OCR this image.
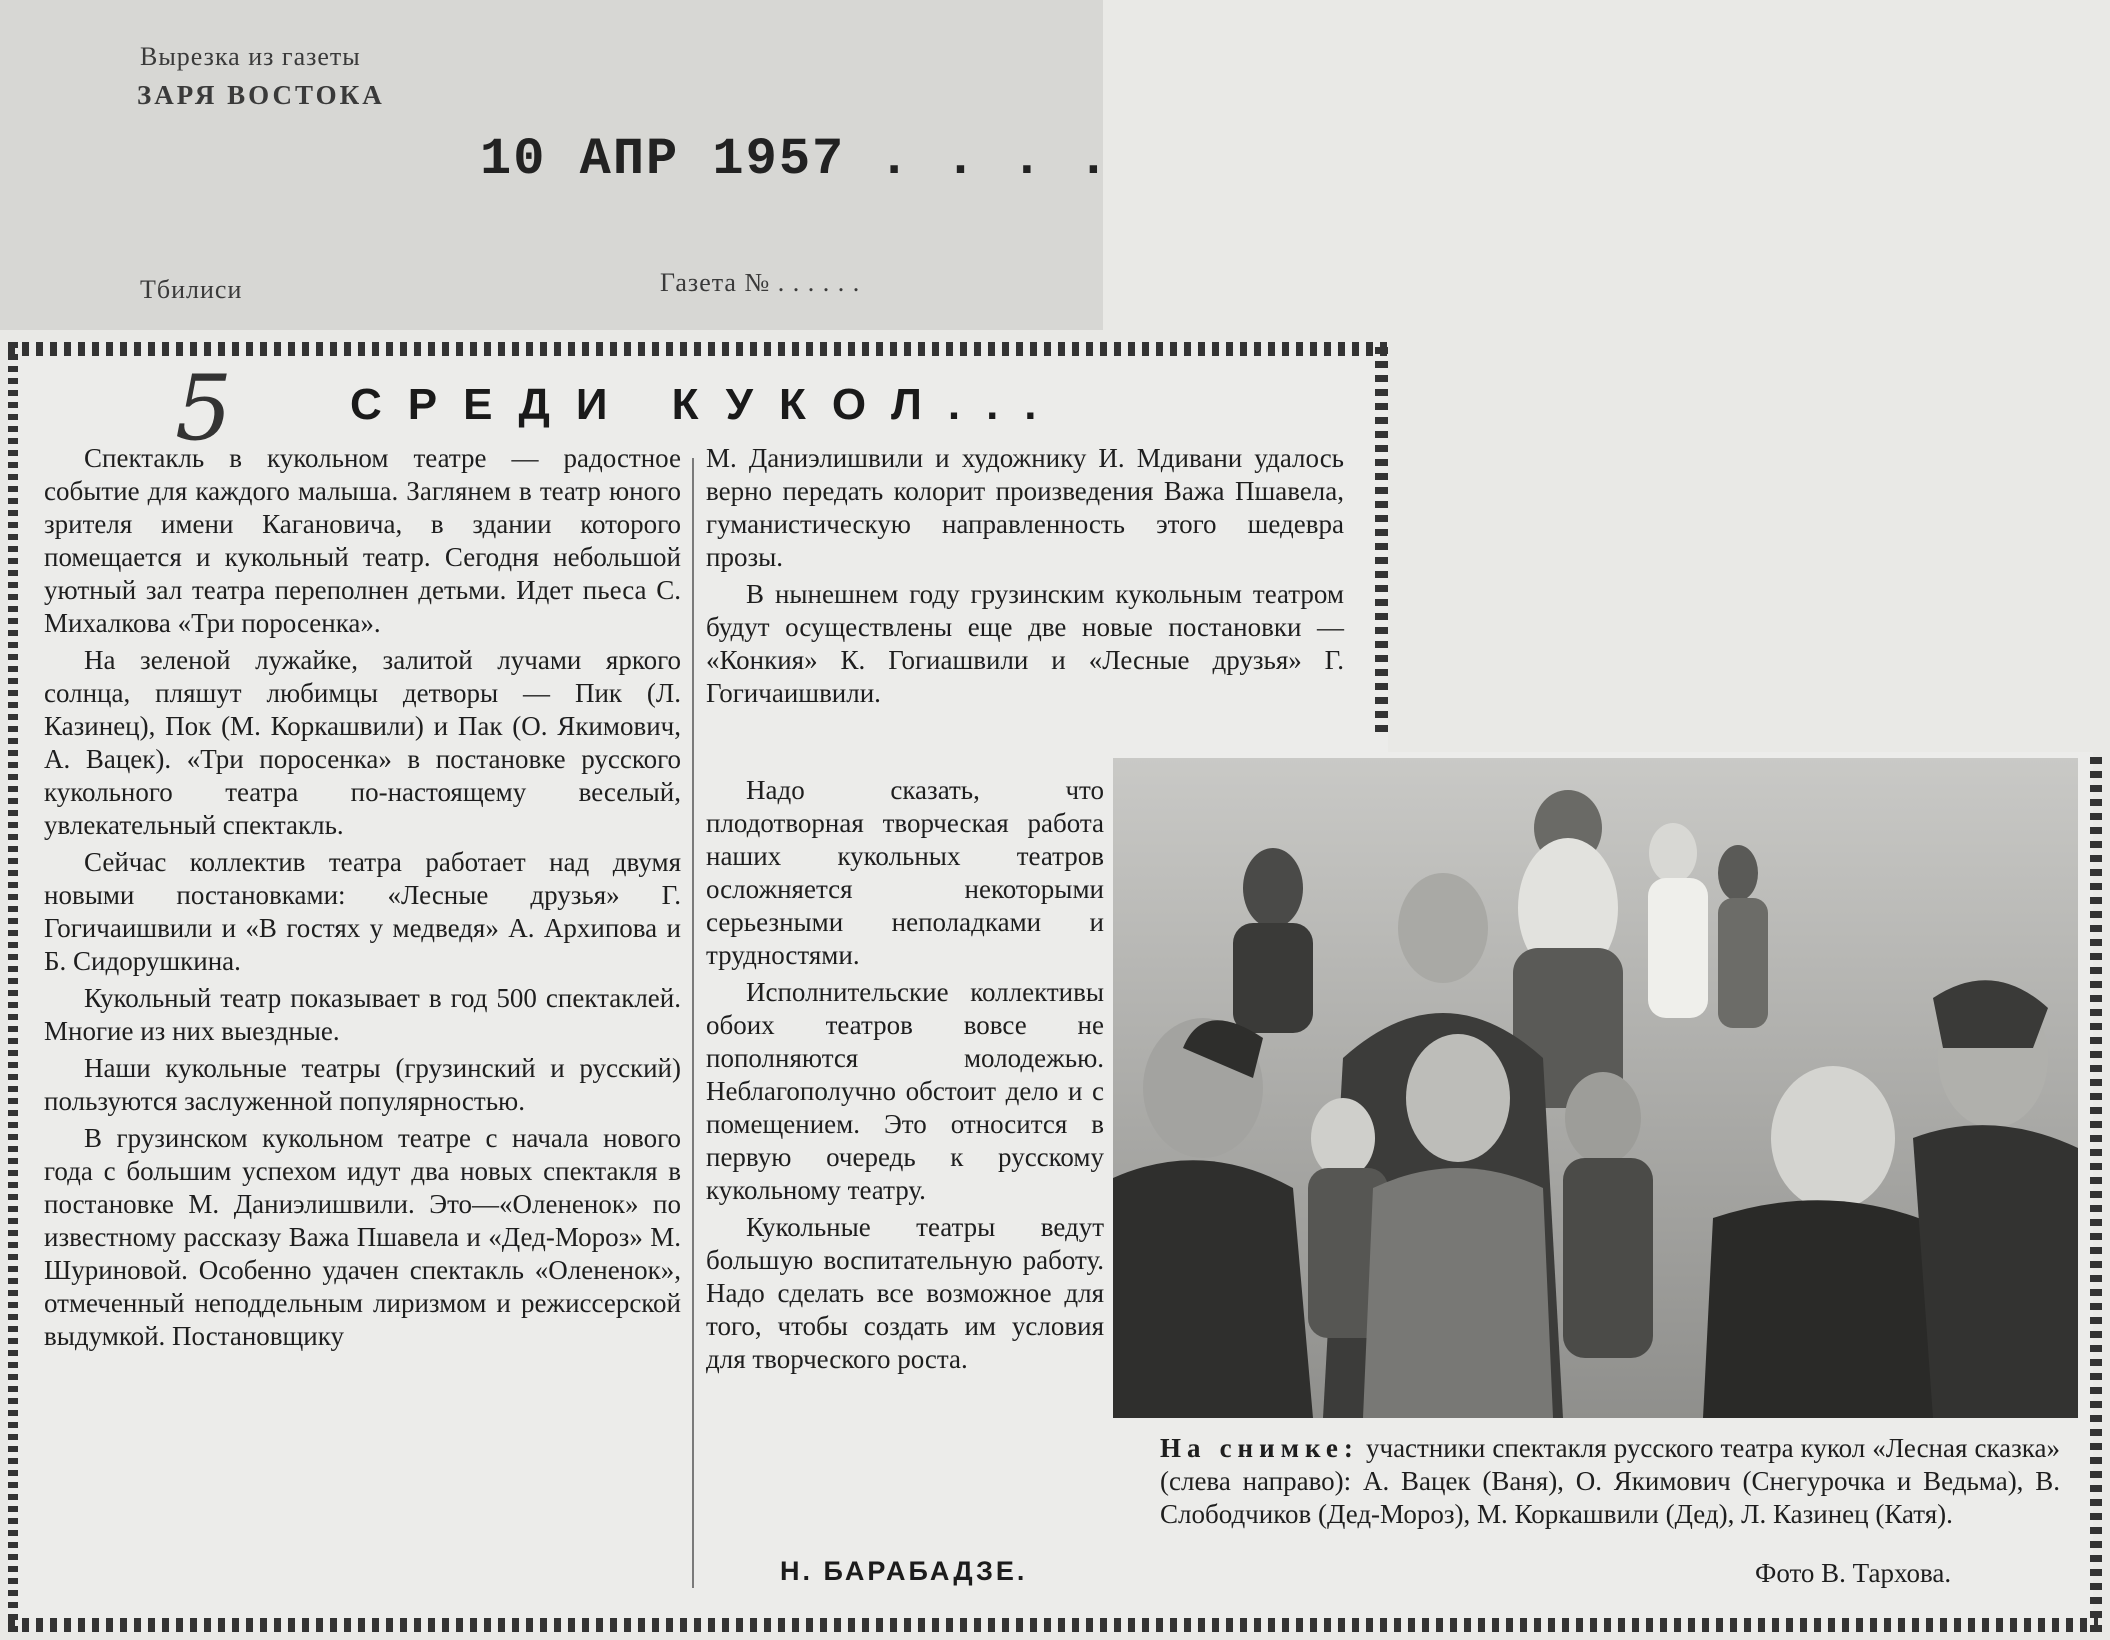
Вырезка из газеты
ЗАРЯ ВОСТОКА
10 АПР 1957 . . . .
Тбилиси	Газета № . . . . . .
5	СРЕДИ КУКОЛ...

Спектакль в кукольном театре — радостное событие для каждого малыша. Заглянем в театр юного зрителя имени Кагановича, в здании которого помещается и кукольный театр. Сегодня небольшой уютный зал театра переполнен детьми. Идет пьеса С. Михалкова «Три поросенка».

На зеленой лужайке, залитой лучами яркого солнца, пляшут любимцы детворы — Пик (Л. Казинец), Пок (М. Коркашвили) и Пак (О. Якимович, А. Вацек). «Три поросенка» в постановке русского кукольного театра по-настоящему веселый, увлекательный спектакль.

Сейчас коллектив театра работает над двумя новыми постановками: «Лесные друзья» Г. Гогичаишвили и «В гостях у медведя» А. Архипова и Б. Сидорушкина.

Кукольный театр показывает в год 500 спектаклей. Многие из них выездные.

Наши кукольные театры (грузинский и русский) пользуются заслуженной популярностью.

В грузинском кукольном театре с начала нового года с большим успехом идут два новых спектакля в постановке М. Даниэлишвили. Это—«Олененок» по известному рассказу Важа Пшавела и «Дед-Мороз» М. Шуриновой. Особенно удачен спектакль «Олененок», отмеченный неподдельным лиризмом и режиссерской выдумкой. Постановщику

М. Даниэлишвили и художнику И. Мдивани удалось верно передать колорит произведения Важа Пшавела, гуманистическую направленность этого шедевра прозы.

В нынешнем году грузинским кукольным театром будут осуществлены еще две новые постановки — «Конкия» К. Гогиашвили и «Лесные друзья» Г. Гогичаишвили.

Надо сказать, что плодотворная творческая работа наших кукольных театров осложняется некоторыми серьезными неполадками и трудностями.

Исполнительские коллективы обоих театров вовсе не пополняются молодежью. Неблагополучно обстоит дело и с помещением. Это относится в первую очередь к русскому кукольному театру.

Кукольные театры ведут большую воспитательную работу. Надо сделать все возможное для того, чтобы создать им условия для творческого роста.

Н. БАРАБАДЗЕ.
На снимке: участники спектакля русского театра кукол «Лесная сказка» (слева направо): А. Вацек (Ваня), О. Якимович (Снегурочка и Ведьма), В. Слободчиков (Дед-Мороз), М. Коркашвили (Дед), Л. Казинец (Катя).
Фото В. Тархова.
